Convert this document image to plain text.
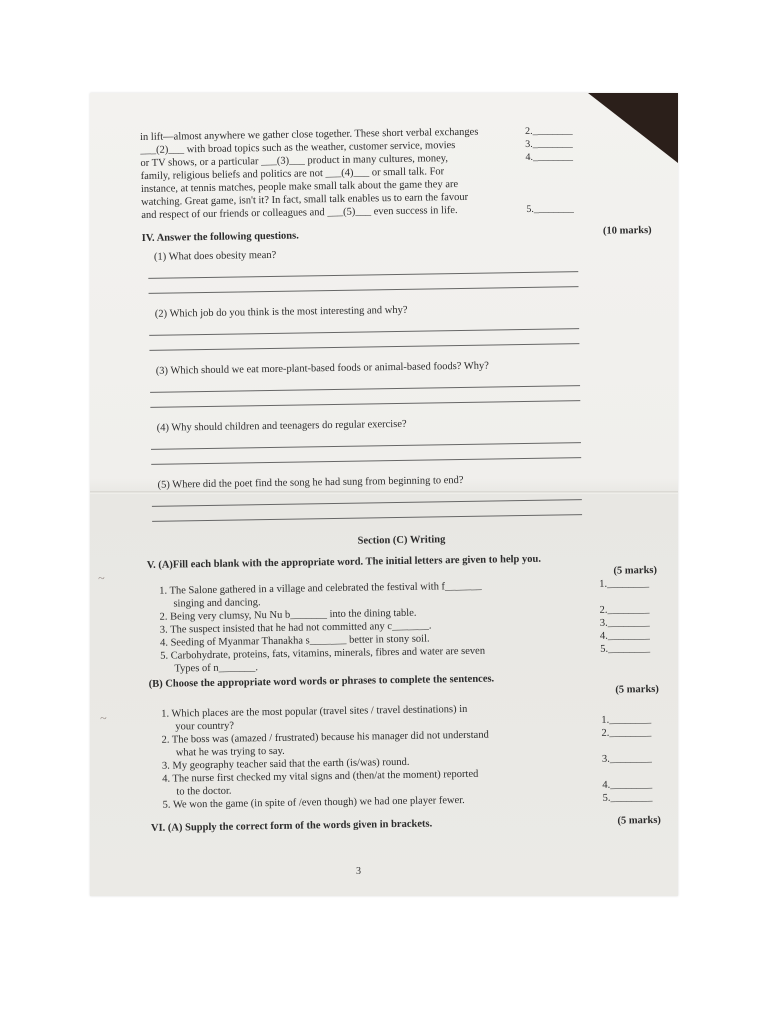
~
~
in lift—almost anywhere we gather close together. These short verbal exchanges	2.________
___(2)___ with broad topics such as the weather, customer service, movies	3.________
or TV shows, or a particular ___(3)___ product in many cultures, money,	4.________
family, religious beliefs and politics are not ___(4)___ or small talk. For
instance, at tennis matches, people make small talk about the game they are
watching. Great game, isn't it? In fact, small talk enables us to earn the favour
and respect of our friends or colleagues and ___(5)___ even success in life.	5.________
IV. Answer the following questions.	(10 marks)
(1) What does obesity mean?
(2) Which job do you think is the most interesting and why?
(3) Which should we eat more-plant-based foods or animal-based foods? Why?
(4) Why should children and teenagers do regular exercise?
(5) Where did the poet find the song he had sung from beginning to end?
Section (C) Writing
V. (A)Fill each blank with the appropriate word. The initial letters are given to help you.	(5 marks)
1. The Salone gathered in a village and celebrated the festival with f_______	1.________
singing and dancing.
2. Being very clumsy, Nu Nu b_______ into the dining table.	2.________
3. The suspect insisted that he had not committed any c_______.	3.________
4. Seeding of Myanmar Thanakha s_______ better in stony soil.	4.________
5. Carbohydrate, proteins, fats, vitamins, minerals, fibres and water are seven	5.________
Types of n_______.
(B) Choose the appropriate word words or phrases to complete the sentences.	(5 marks)
1. Which places are the most popular (travel sites / travel destinations) in
your country?
1.________
2. The boss was (amazed / frustrated) because his manager did not understand	2.________
what he was trying to say.
3. My geography teacher said that the earth (is/was) round.	3.________
4. The nurse first checked my vital signs and (then/at the moment) reported
to the doctor.
4.________
5. We won the game (in spite of /even though) we had one player fewer.	5.________
VI. (A) Supply the correct form of the words given in brackets.	(5 marks)
3
